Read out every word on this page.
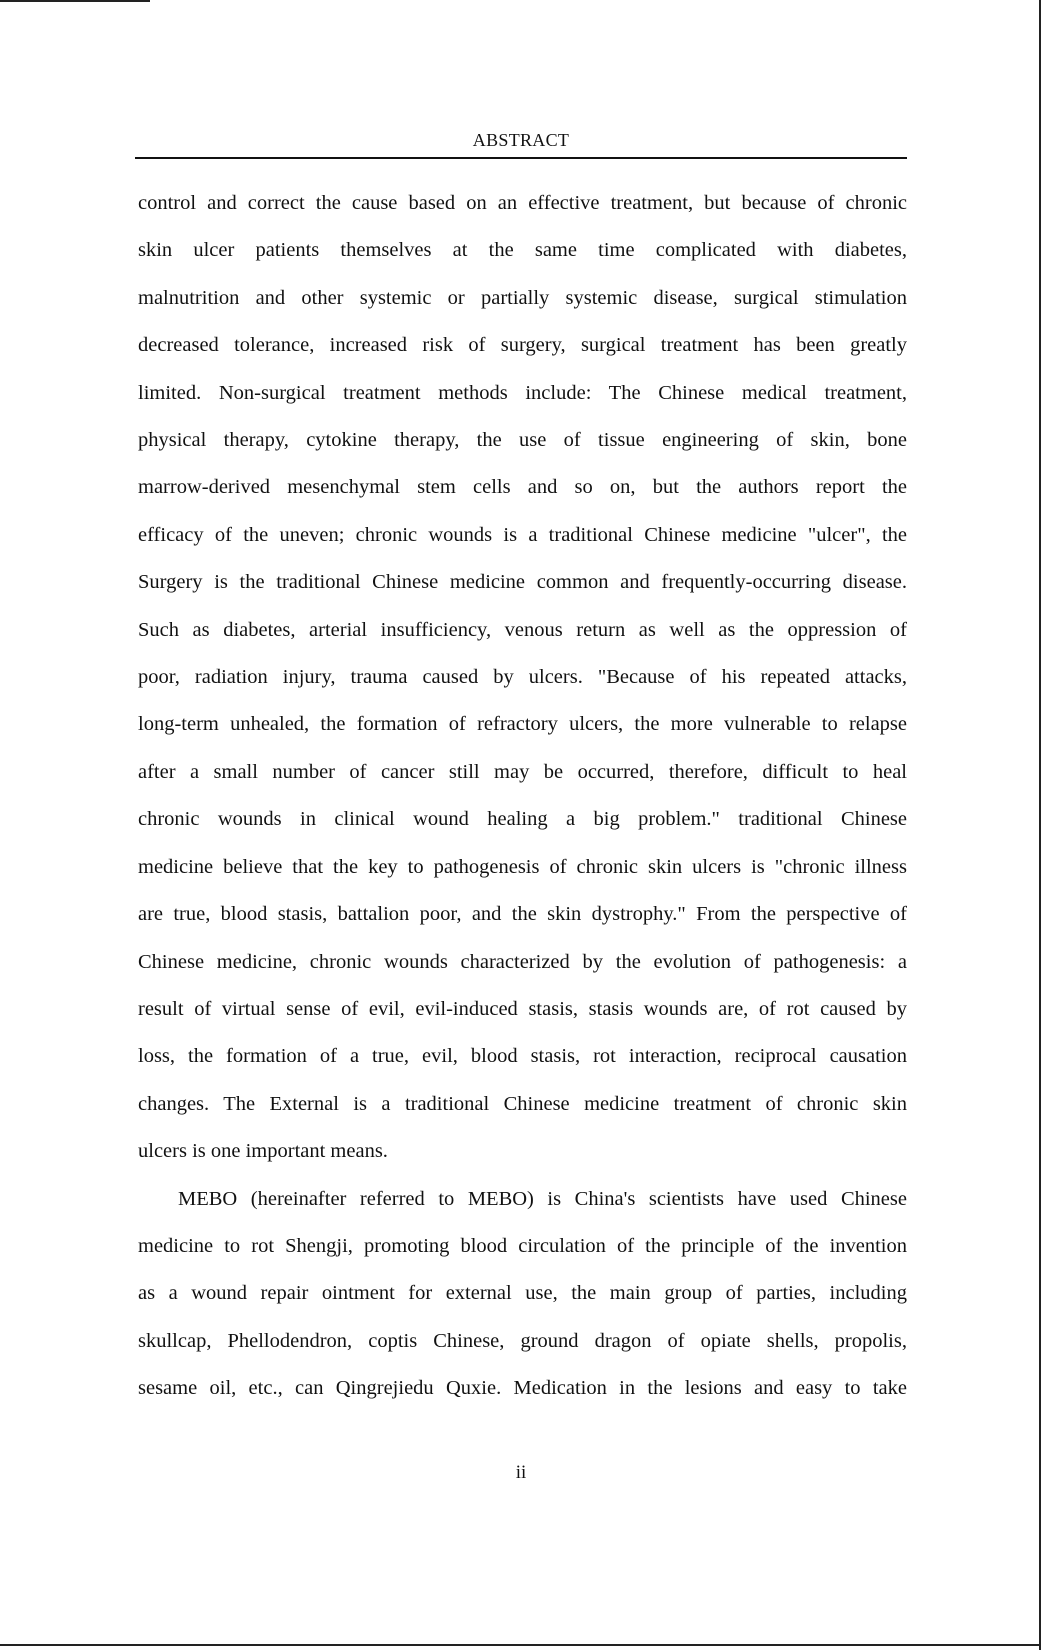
ABSTRACT
control and correct the cause based on an effective treatment, but because of chronic
skin ulcer patients themselves at the same time complicated with diabetes,
malnutrition and other systemic or partially systemic disease, surgical stimulation
decreased tolerance, increased risk of surgery, surgical treatment has been greatly
limited. Non-surgical treatment methods include: The Chinese medical treatment,
physical therapy, cytokine therapy, the use of tissue engineering of skin, bone
marrow-derived mesenchymal stem cells and so on, but the authors report the
efficacy of the uneven; chronic wounds is a traditional Chinese medicine "ulcer", the
Surgery is the traditional Chinese medicine common and frequently-occurring disease.
Such as diabetes, arterial insufficiency, venous return as well as the oppression of
poor, radiation injury, trauma caused by ulcers. "Because of his repeated attacks,
long-term unhealed, the formation of refractory ulcers, the more vulnerable to relapse
after a small number of cancer still may be occurred, therefore, difficult to heal
chronic wounds in clinical wound healing a big problem." traditional Chinese
medicine believe that the key to pathogenesis of chronic skin ulcers is "chronic illness
are true, blood stasis, battalion poor, and the skin dystrophy." From the perspective of
Chinese medicine, chronic wounds characterized by the evolution of pathogenesis: a
result of virtual sense of evil, evil-induced stasis, stasis wounds are, of rot caused by
loss, the formation of a true, evil, blood stasis, rot interaction, reciprocal causation
changes. The External is a traditional Chinese medicine treatment of chronic skin
ulcers is one important means.
MEBO (hereinafter referred to MEBO) is China's scientists have used Chinese
medicine to rot Shengji, promoting blood circulation of the principle of the invention
as a wound repair ointment for external use, the main group of parties, including
skullcap, Phellodendron, coptis Chinese, ground dragon of opiate shells, propolis,
sesame oil, etc., can Qingrejiedu Quxie. Medication in the lesions and easy to take
ii
